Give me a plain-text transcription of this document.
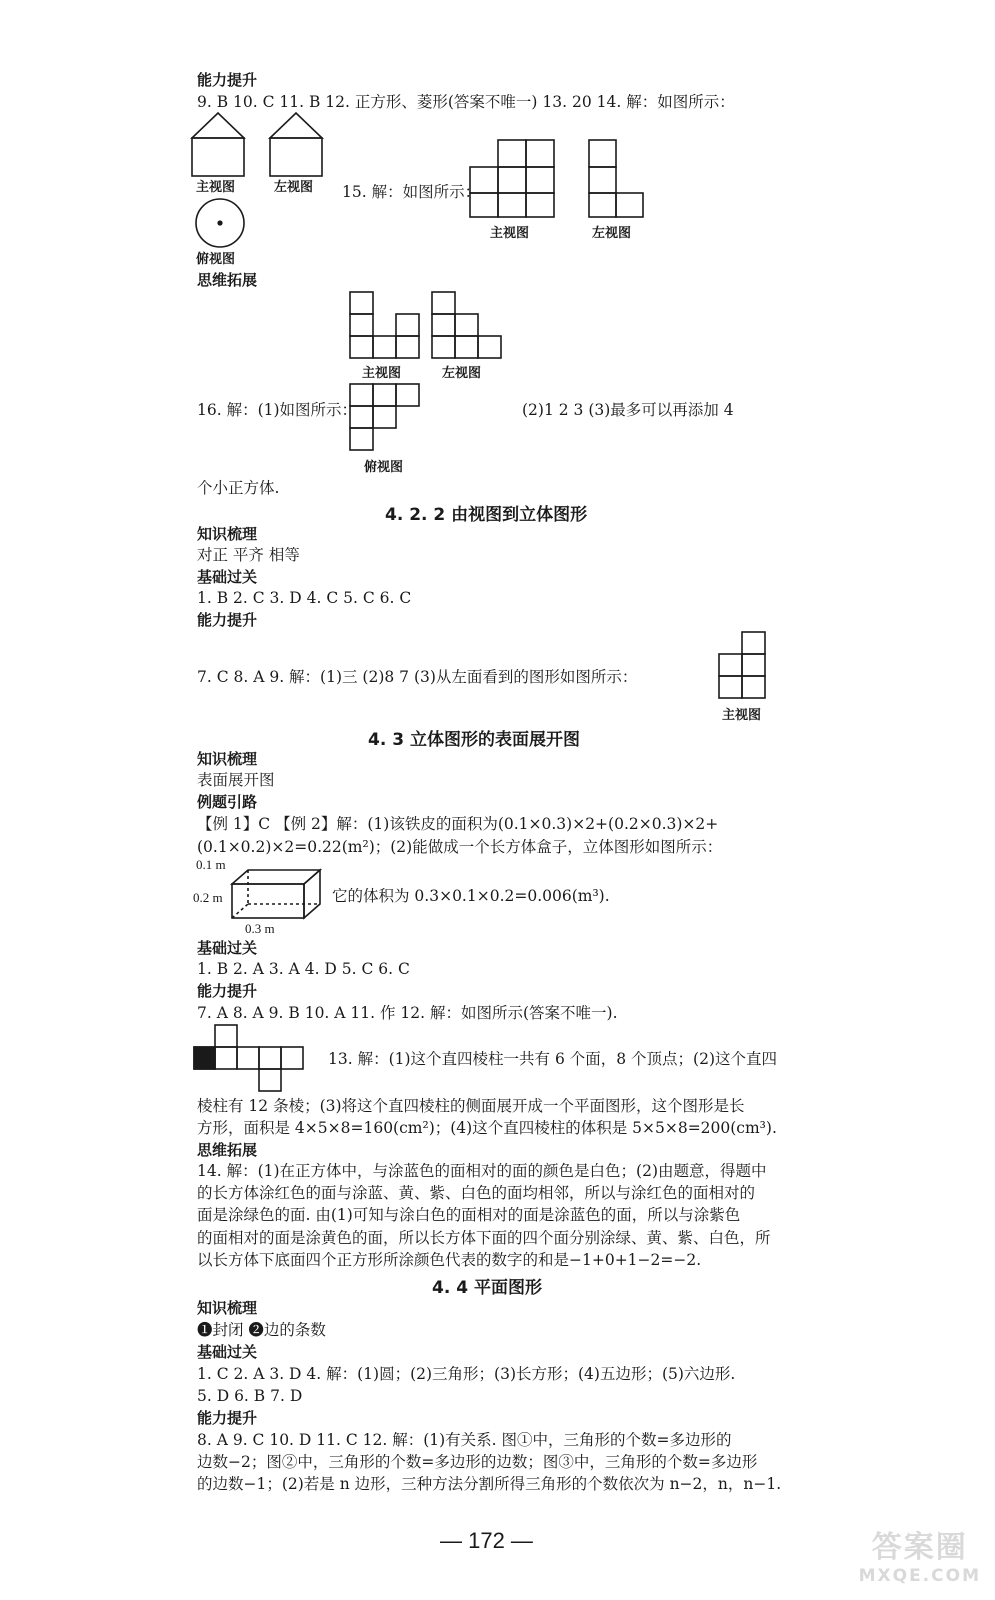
能力提升
9. B 10. C 11. B 12. 正方形、菱形(答案不唯一) 13. 20 14. 解：如图所示：
主视图	左视图
俯视图
15. 解：如图所示：
主视图	左视图
思维拓展
主视图	左视图
16. 解：(1)如图所示：	(2)1 2 3 (3)最多可以再添加 4
俯视图
个小正方体.
4. 2. 2 由视图到立体图形
知识梳理
对正 平齐 相等
基础过关
1. B 2. C 3. D 4. C 5. C 6. C
能力提升
7. C 8. A 9. 解：(1)三 (2)8 7 (3)从左面看到的图形如图所示：
主视图
4. 3 立体图形的表面展开图
知识梳理
表面展开图
例题引路
【例 1】C 【例 2】解：(1)该铁皮的面积为(0.1×0.3)×2+(0.2×0.3)×2+
(0.1×0.2)×2=0.22(m²)；(2)能做成一个长方体盒子，立体图形如图所示：
0.1 m
0.2 m
0.3 m
它的体积为 0.3×0.1×0.2=0.006(m³).
基础过关
1. B 2. A 3. A 4. D 5. C 6. C
能力提升
7. A 8. A 9. B 10. A 11. 作 12. 解：如图所示(答案不唯一).
13. 解：(1)这个直四棱柱一共有 6 个面，8 个顶点；(2)这个直四
棱柱有 12 条棱；(3)将这个直四棱柱的侧面展开成一个平面图形，这个图形是长
方形，面积是 4×5×8=160(cm²)；(4)这个直四棱柱的体积是 5×5×8=200(cm³).
思维拓展
14. 解：(1)在正方体中，与涂蓝色的面相对的面的颜色是白色；(2)由题意，得题中
的长方体涂红色的面与涂蓝、黄、紫、白色的面均相邻，所以与涂红色的面相对的
面是涂绿色的面. 由(1)可知与涂白色的面相对的面是涂蓝色的面，所以与涂紫色
的面相对的面是涂黄色的面，所以长方体下面的四个面分别涂绿、黄、紫、白色，所
以长方体下底面四个正方形所涂颜色代表的数字的和是−1+0+1−2=−2.
4. 4 平面图形
知识梳理
❶封闭 ❷边的条数
基础过关
1. C 2. A 3. D 4. 解：(1)圆；(2)三角形；(3)长方形；(4)五边形；(5)六边形.
5. D 6. B 7. D
能力提升
8. A 9. C 10. D 11. C 12. 解：(1)有关系. 图①中，三角形的个数=多边形的
边数−2；图②中，三角形的个数=多边形的边数；图③中，三角形的个数=多边形
的边数−1；(2)若是 n 边形，三种方法分割所得三角形的个数依次为 n−2，n，n−1.
— 172 —	答案圈
MXQE.COM
